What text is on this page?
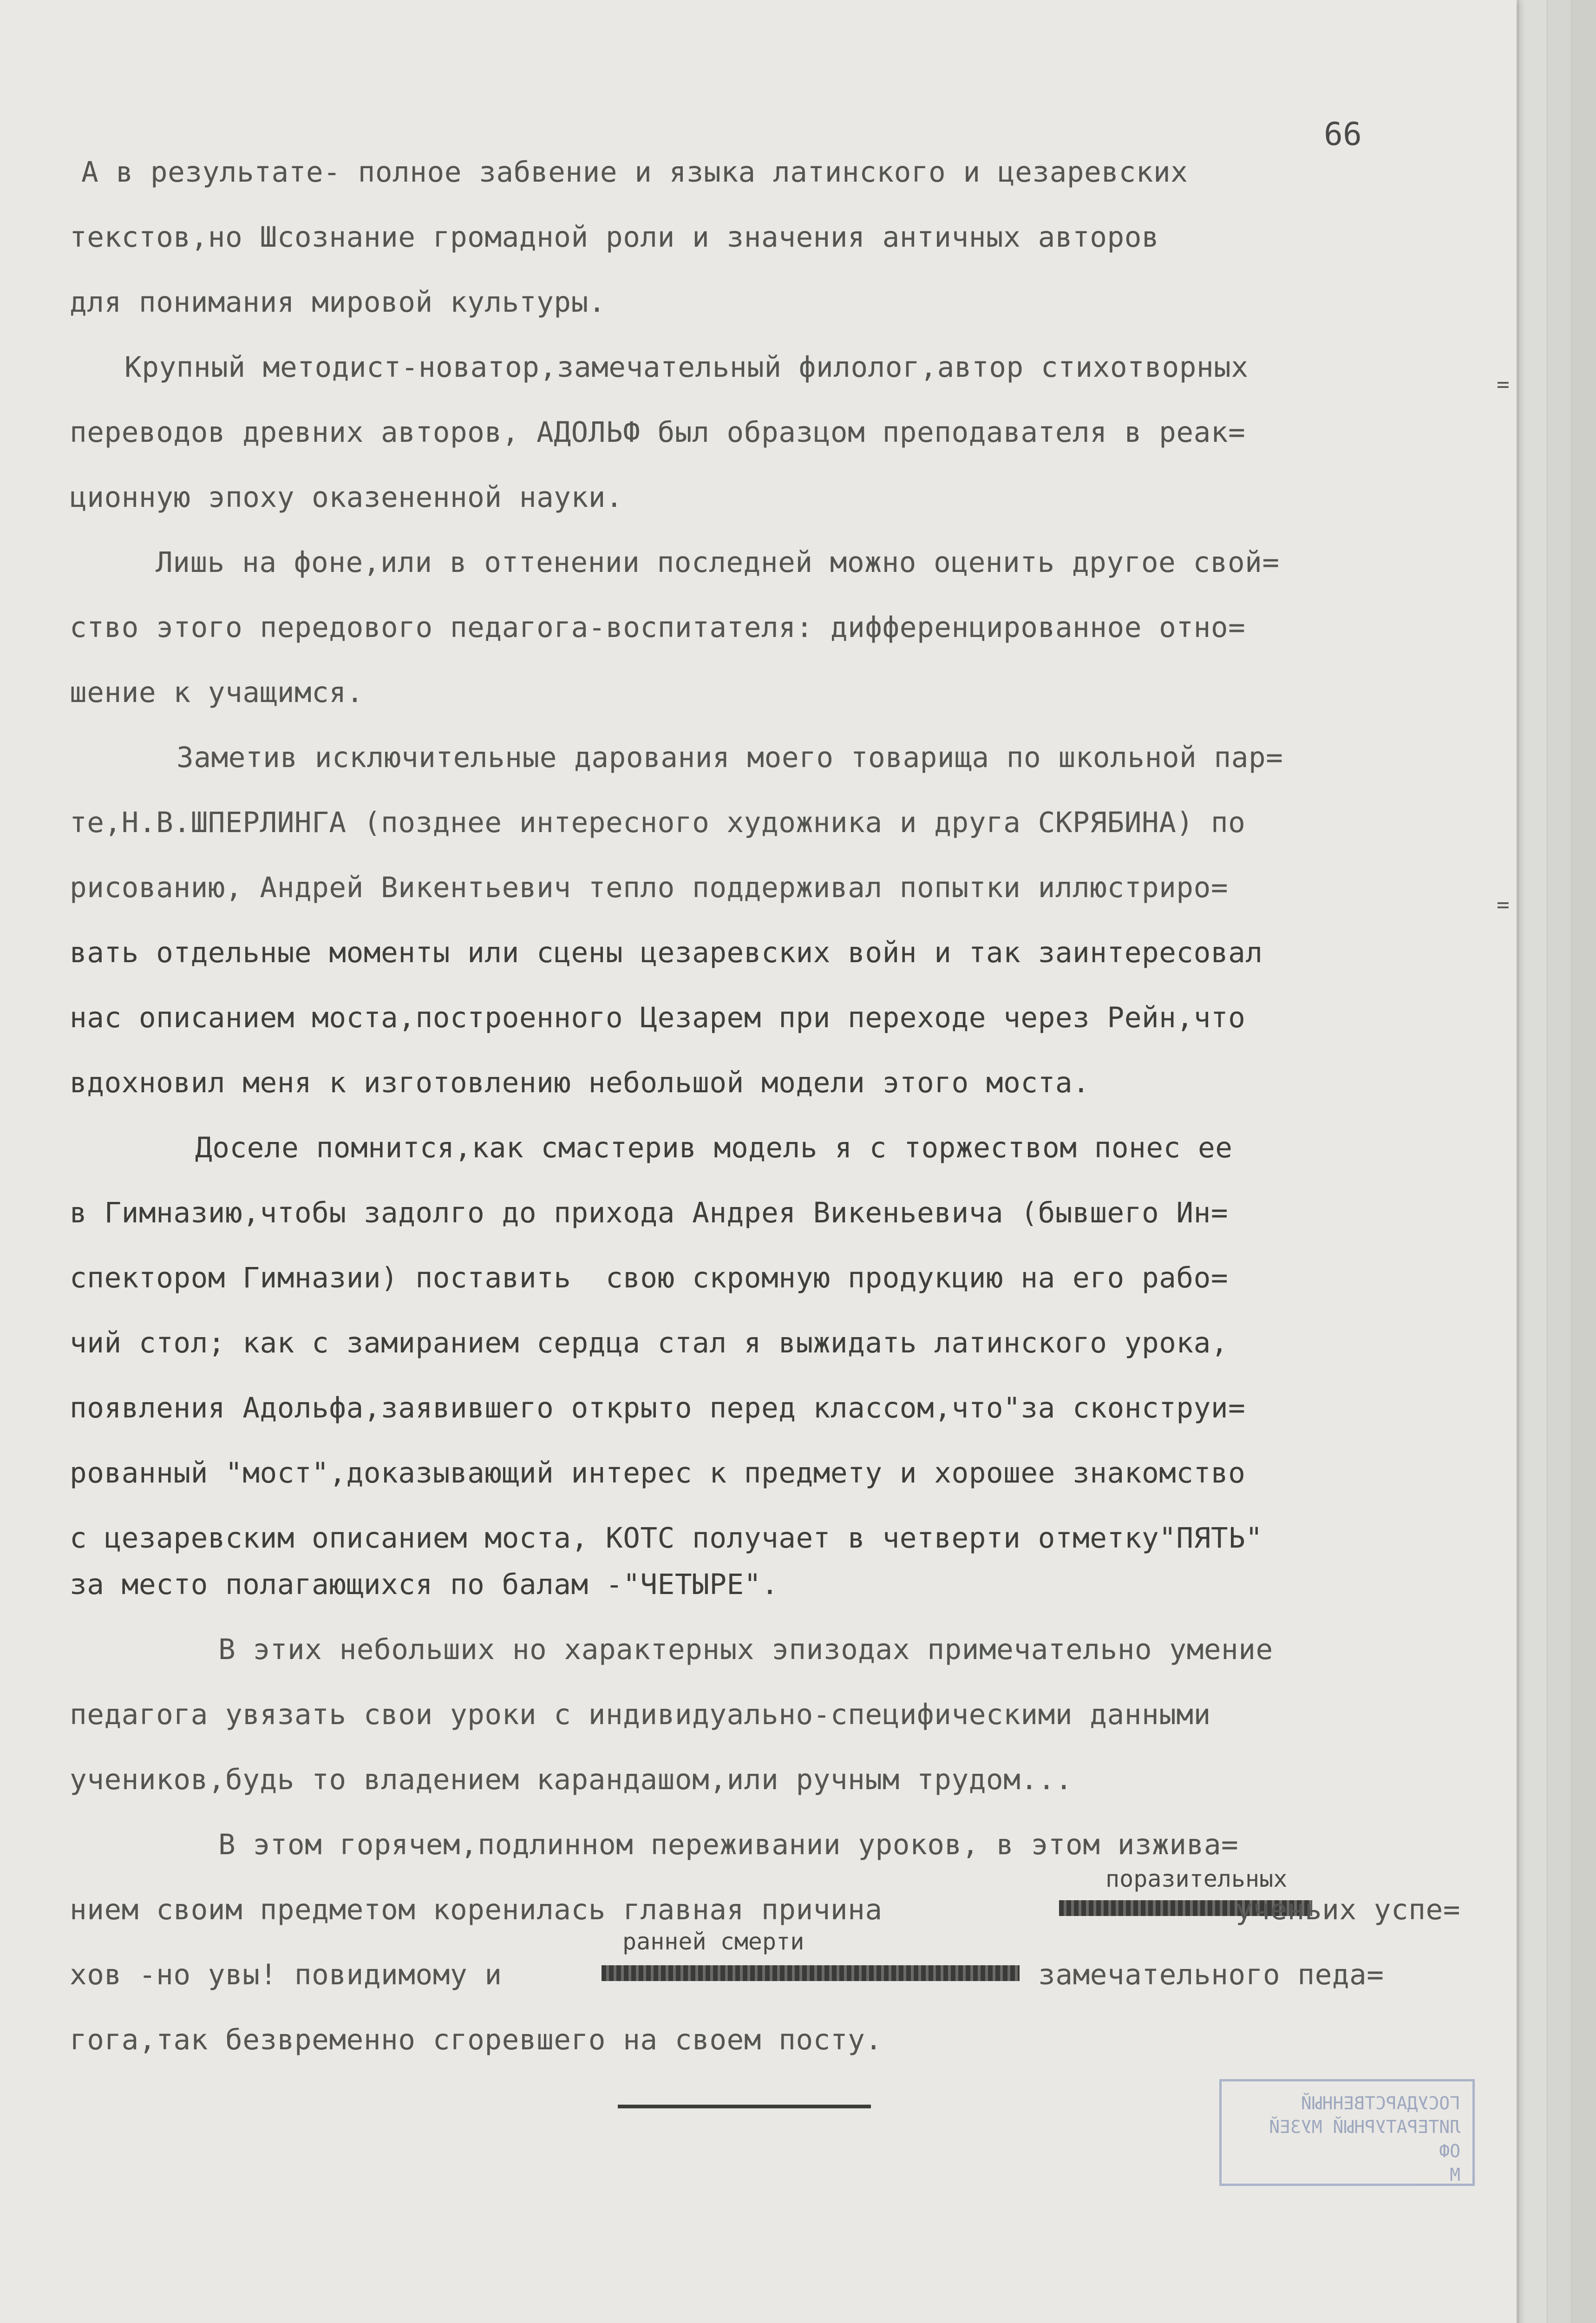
66
А в результате- полное забвение и языка латинского и цезаревских
текстов,но Шсознание громадной роли и значения античных авторов
для понимания мировой культуры.
Крупный методист-новатор,замечательный филолог,автор стихотворных
переводов древних авторов, АДОЛЬФ был образцом преподавателя в реак=
ционную эпоху оказененной науки.
Лишь на фоне,или в оттенении последней можно оценить другое свой=
ство этого передового педагога-воспитателя: дифференцированное отно=
шение к учащимся.
Заметив исключительные дарования моего товарища по школьной пар=
те,Н.В.ШПЕРЛИНГА (позднее интересного художника и друга СКРЯБИНА) по
рисованию, Андрей Викентьевич тепло поддерживал попытки иллюстриро=
вать отдельные моменты или сцены цезаревских войн и так заинтересовал
нас описанием моста,построенного Цезарем при переходе через Рейн,что
вдохновил меня к изготовлению небольшой модели этого моста.
Доселе помнится,как смастерив модель я с торжеством понес ее
в Гимназию,чтобы задолго до прихода Андрея Викеньевича (бывшего Ин=
спектором Гимназии) поставить  свою скромную продукцию на его рабо=
чий стол; как с замиранием сердца стал я выжидать латинского урока,
появления Адольфа,заявившего открыто перед классом,что"за сконструи=
рованный "мост",доказывающий интерес к предмету и хорошее знакомство
с цезаревским описанием моста, КОТС получает в четверти отметку"ПЯТЬ"
за место полагающихся по балам -"ЧЕТЫРЕ".
В этих небольших но характерных эпизодах примечательно умение
педагога увязать свои уроки с индивидуально-специфическими данными
учеников,будь то владением карандашом,или ручным трудом...
В этом горячем,подлинном переживании уроков, в этом изжива=
поразительных
нием своим предметом коренилась главная причина	ученьих успе=
ранней смерти
хов -но увы! повидимому и	замечательного педа=
гога,так безвременно сгоревшего на своем посту.
=
=
ГОСУДАРСТВЕННЫЙ
ЛИТЕРАТУРНЫЙ МУЗЕЙ
ОФ
М
